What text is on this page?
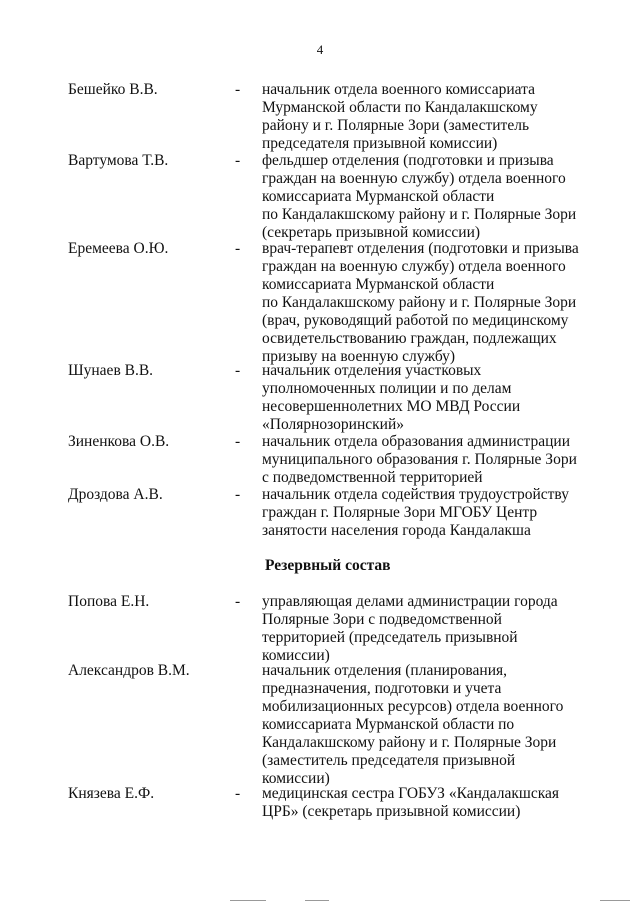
4
Бешейко В.В.	- начальник отдела военного комиссариата
Мурманской области по Кандалакшскому
району и г. Полярные Зори (заместитель
председателя призывной комиссии)
Вартумова Т.В.	- фельдшер отделения (подготовки и призыва
граждан на военную службу) отдела военного
комиссариата Мурманской области
по Кандалакшскому району и г. Полярные Зори
(секретарь призывной комиссии)
Еремеева О.Ю.	- врач-терапевт отделения (подготовки и призыва
граждан на военную службу) отдела военного
комиссариата Мурманской области
по Кандалакшскому району и г. Полярные Зори
(врач, руководящий работой по медицинскому
освидетельствованию граждан, подлежащих
призыву на военную службу)
Шунаев В.В.	- начальник отделения участковых
уполномоченных полиции и по делам
несовершеннолетних МО МВД России
«Полярнозоринский»
Зиненкова О.В.	- начальник отдела образования администрации
муниципального образования г. Полярные Зори
с подведомственной территорией
Дроздова А.В.	- начальник отдела содействия трудоустройству
граждан г. Полярные Зори МГОБУ Центр
занятости населения города Кандалакша
Резервный состав
Попова Е.Н.	- управляющая делами администрации города
Полярные Зори с подведомственной
территорией (председатель призывной
комиссии)
Александров В.М.	начальник отделения (планирования,
предназначения, подготовки и учета
мобилизационных ресурсов) отдела военного
комиссариата Мурманской области по
Кандалакшскому району и г. Полярные Зори
(заместитель председателя призывной
комиссии)
Князева Е.Ф.	- медицинская сестра ГОБУЗ «Кандалакшская
ЦРБ» (секретарь призывной комиссии)
